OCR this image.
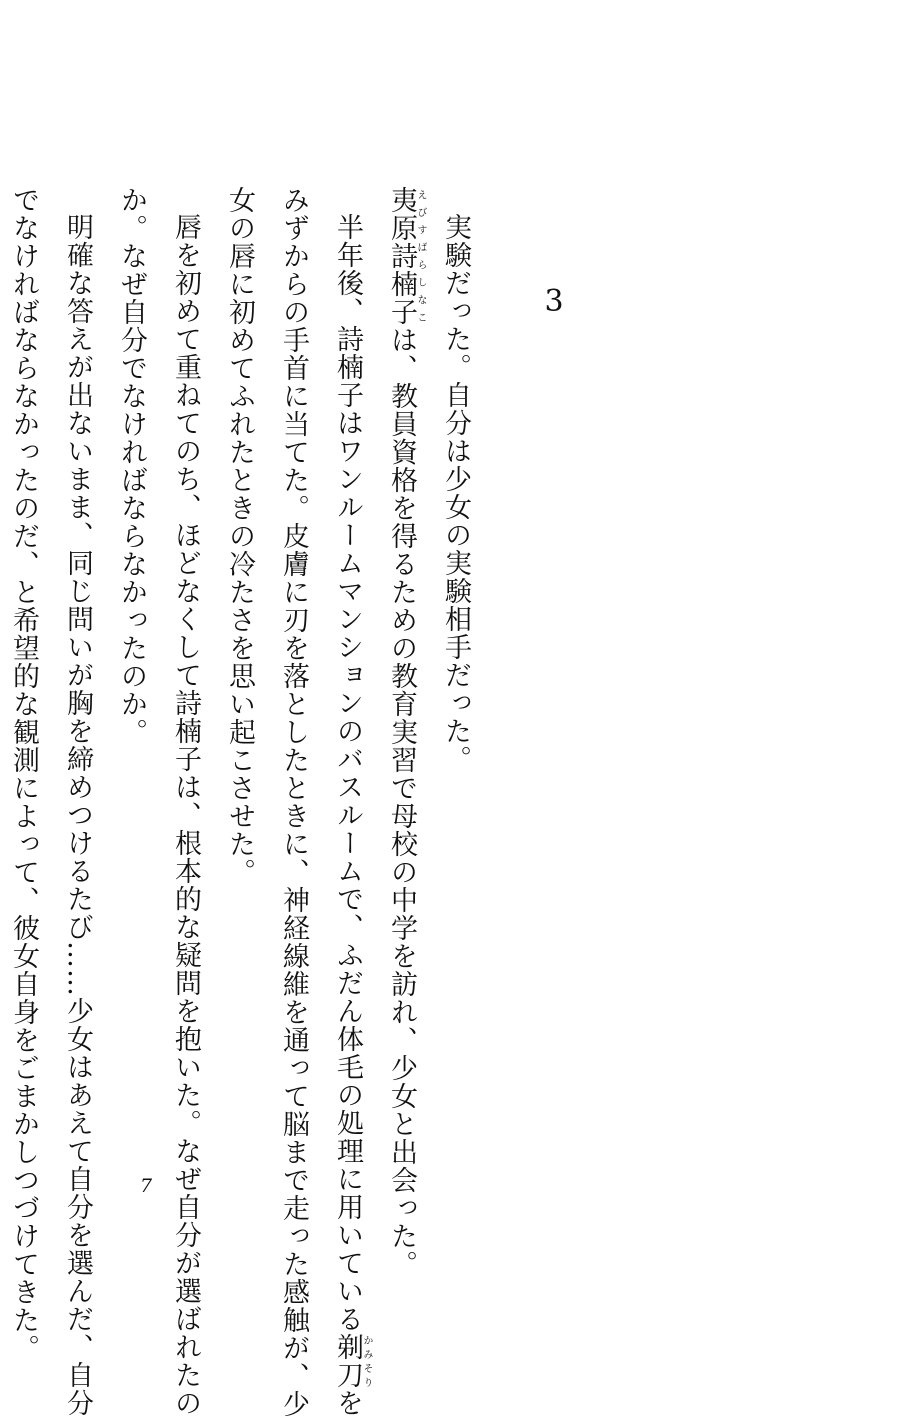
3
実験だった。自分は少女の実験相手だった。
夷原詩楠子えびすばらしなこは、教員資格を得るための教育実習で母校の中学を訪れ、少女と出会った。
半年後、詩楠子はワンルームマンションのバスルームで、ふだん体毛の処理に用いている剃刀かみそりを
みずからの手首に当てた。皮膚に刃を落としたときに、神経線維を通って脳まで走った感触が、少
女の唇に初めてふれたときの冷たさを思い起こさせた。
唇を初めて重ねてのち、ほどなくして詩楠子は、根本的な疑問を抱いた。なぜ自分が選ばれたの
か。なぜ自分でなければならなかったのか。
明確な答えが出ないまま、同じ問いが胸を締めつけるたび……少女はあえて自分を選んだ、自分
でなければならなかったのだ、と希望的な観測によって、彼女自身をごまかしつづけてきた。	7
